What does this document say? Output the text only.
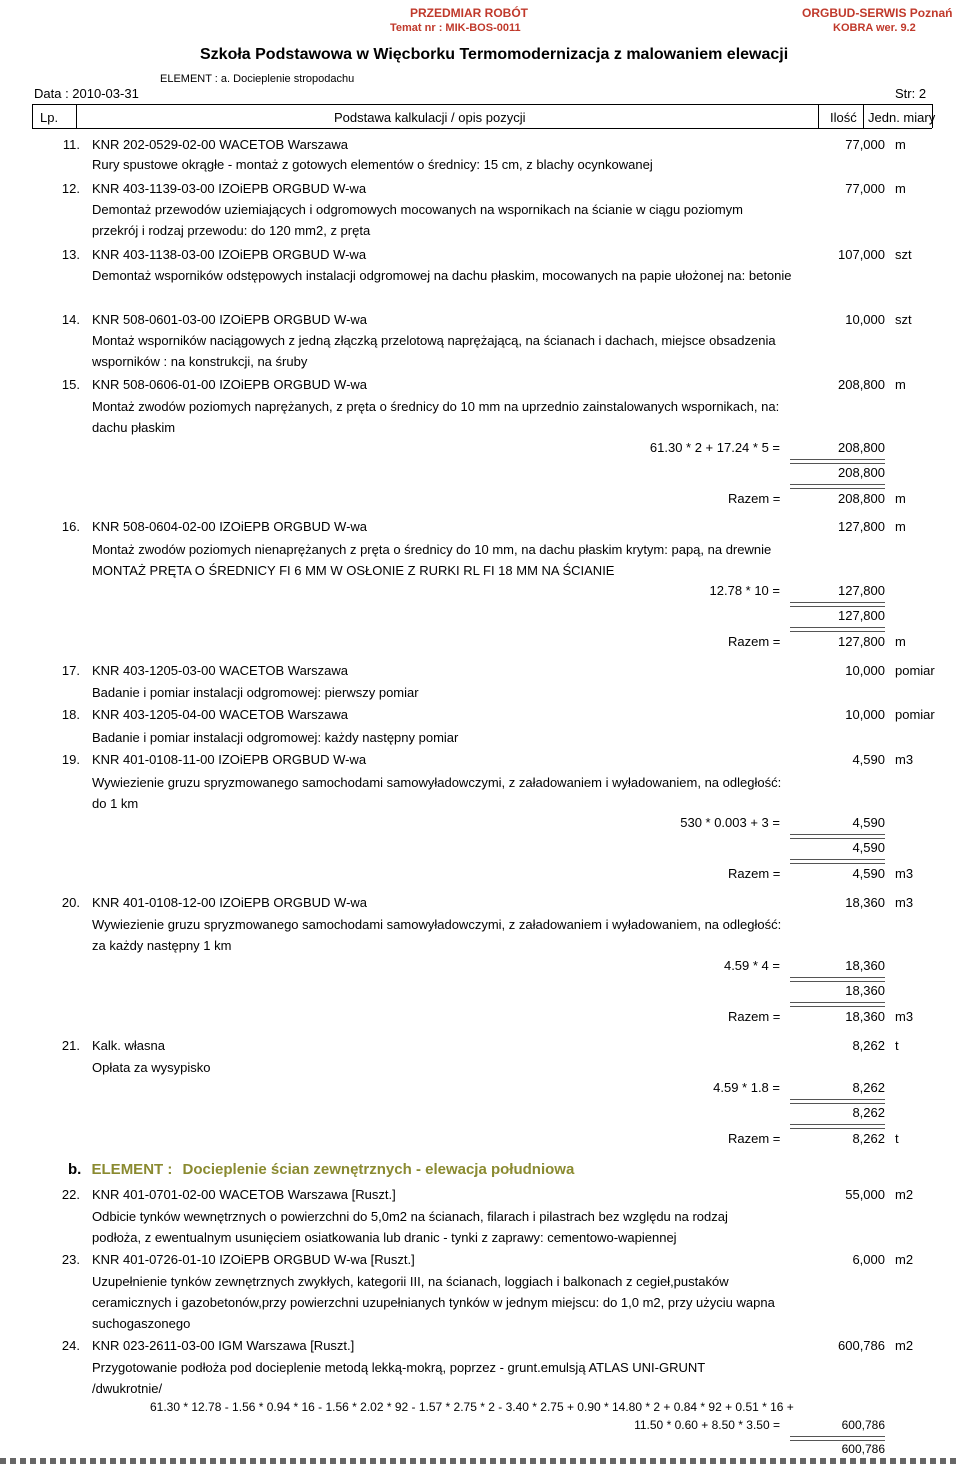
PRZEDMIAR ROBÓT
Temat nr : MIK-BOS-0011
ORGBUD-SERWIS Poznań
KOBRA wer. 9.2
Szkoła Podstawowa w Więcborku Termomodernizacja z malowaniem elewacji
ELEMENT : a. Docieplenie stropodachu
Data : 2010-03-31	Str: 2
Lp.	Podstawa kalkulacji / opis pozycji	Ilość Jedn. miary
11. KNR 202-0529-02-00 WACETOB Warszawa	77,000 m
Rury spustowe okrągłe - montaż z gotowych elementów o średnicy: 15 cm, z blachy ocynkowanej
12. KNR 403-1139-03-00 IZOiEPB ORGBUD W-wa	77,000 m
Demontaż przewodów uziemiających i odgromowych mocowanych na wspornikach na ścianie w ciągu poziomym przekrój i rodzaj przewodu: do 120 mm2, z pręta
13. KNR 403-1138-03-00 IZOiEPB ORGBUD W-wa	107,000 szt
Demontaż wsporników odstępowych instalacji odgromowej na dachu płaskim, mocowanych na papie ułożonej na: betonie
14. KNR 508-0601-03-00 IZOiEPB ORGBUD W-wa	10,000 szt
Montaż wsporników naciągowych z jedną złączką przelotową naprężającą, na ścianach i dachach, miejsce obsadzenia wsporników : na konstrukcji, na śruby
15. KNR 508-0606-01-00 IZOiEPB ORGBUD W-wa	208,800 m
Montaż zwodów poziomych naprężanych, z pręta o średnicy do 10 mm na uprzednio zainstalowanych wspornikach, na: dachu płaskim
61.30 * 2 + 17.24 * 5 =	208,800
208,800
Razem =	208,800 m
16. KNR 508-0604-02-00 IZOiEPB ORGBUD W-wa	127,800 m
Montaż zwodów poziomych nienaprężanych z pręta o średnicy do 10 mm, na dachu płaskim krytym: papą, na drewnie
MONTAŻ PRĘTA O ŚREDNICY FI 6 MM W OSŁONIE Z RURKI RL FI 18 MM NA ŚCIANIE
12.78 * 10 =	127,800
127,800
Razem =	127,800 m
17. KNR 403-1205-03-00 WACETOB Warszawa	10,000 pomiar
Badanie i pomiar instalacji odgromowej: pierwszy pomiar
18. KNR 403-1205-04-00 WACETOB Warszawa	10,000 pomiar
Badanie i pomiar instalacji odgromowej: każdy następny pomiar
19. KNR 401-0108-11-00 IZOiEPB ORGBUD W-wa	4,590 m3
Wywiezienie gruzu spryzmowanego samochodami samowyładowczymi, z załadowaniem i wyładowaniem, na odległość: do 1 km
530 * 0.003 + 3 =	4,590
4,590
Razem =	4,590 m3
20. KNR 401-0108-12-00 IZOiEPB ORGBUD W-wa	18,360 m3
Wywiezienie gruzu spryzmowanego samochodami samowyładowczymi, z załadowaniem i wyładowaniem, na odległość: za każdy następny 1 km
4.59 * 4 =	18,360
18,360
Razem =	18,360 m3
21. Kalk. własna	8,262 t
Opłata za wysypisko
4.59 * 1.8 =	8,262
8,262
Razem =	8,262 t
b. ELEMENT : Docieplenie ścian zewnętrznych - elewacja południowa
22. KNR 401-0701-02-00 WACETOB Warszawa [Ruszt.]	55,000 m2
Odbicie tynków wewnętrznych o powierzchni do 5,0m2 na ścianach, filarach i pilastrach bez względu na rodzaj podłoża, z ewentualnym usunięciem osiatkowania lub dranic - tynki z zaprawy: cementowo-wapiennej
23. KNR 401-0726-01-10 IZOiEPB ORGBUD W-wa [Ruszt.]	6,000 m2
Uzupełnienie tynków zewnętrznych zwykłych, kategorii III, na ścianach, loggiach i balkonach z cegieł,pustaków ceramicznych i gazobetonów,przy powierzchni uzupełnianych tynków w jednym miejscu: do 1,0 m2, przy użyciu wapna suchogaszonego
24. KNR 023-2611-03-00 IGM Warszawa [Ruszt.]	600,786 m2
Przygotowanie podłoża pod docieplenie metodą lekką-mokrą, poprzez - grunt.emulsją ATLAS UNI-GRUNT /dwukrotnie/
61.30 * 12.78 - 1.56 * 0.94 * 16 - 1.56 * 2.02 * 92 - 1.57 * 2.75 * 2 - 3.40 * 2.75 + 0.90 * 14.80 * 2 + 0.84 * 92 + 0.51 * 16 +
11.50 * 0.60 + 8.50 * 3.50 =	600,786
600,786
